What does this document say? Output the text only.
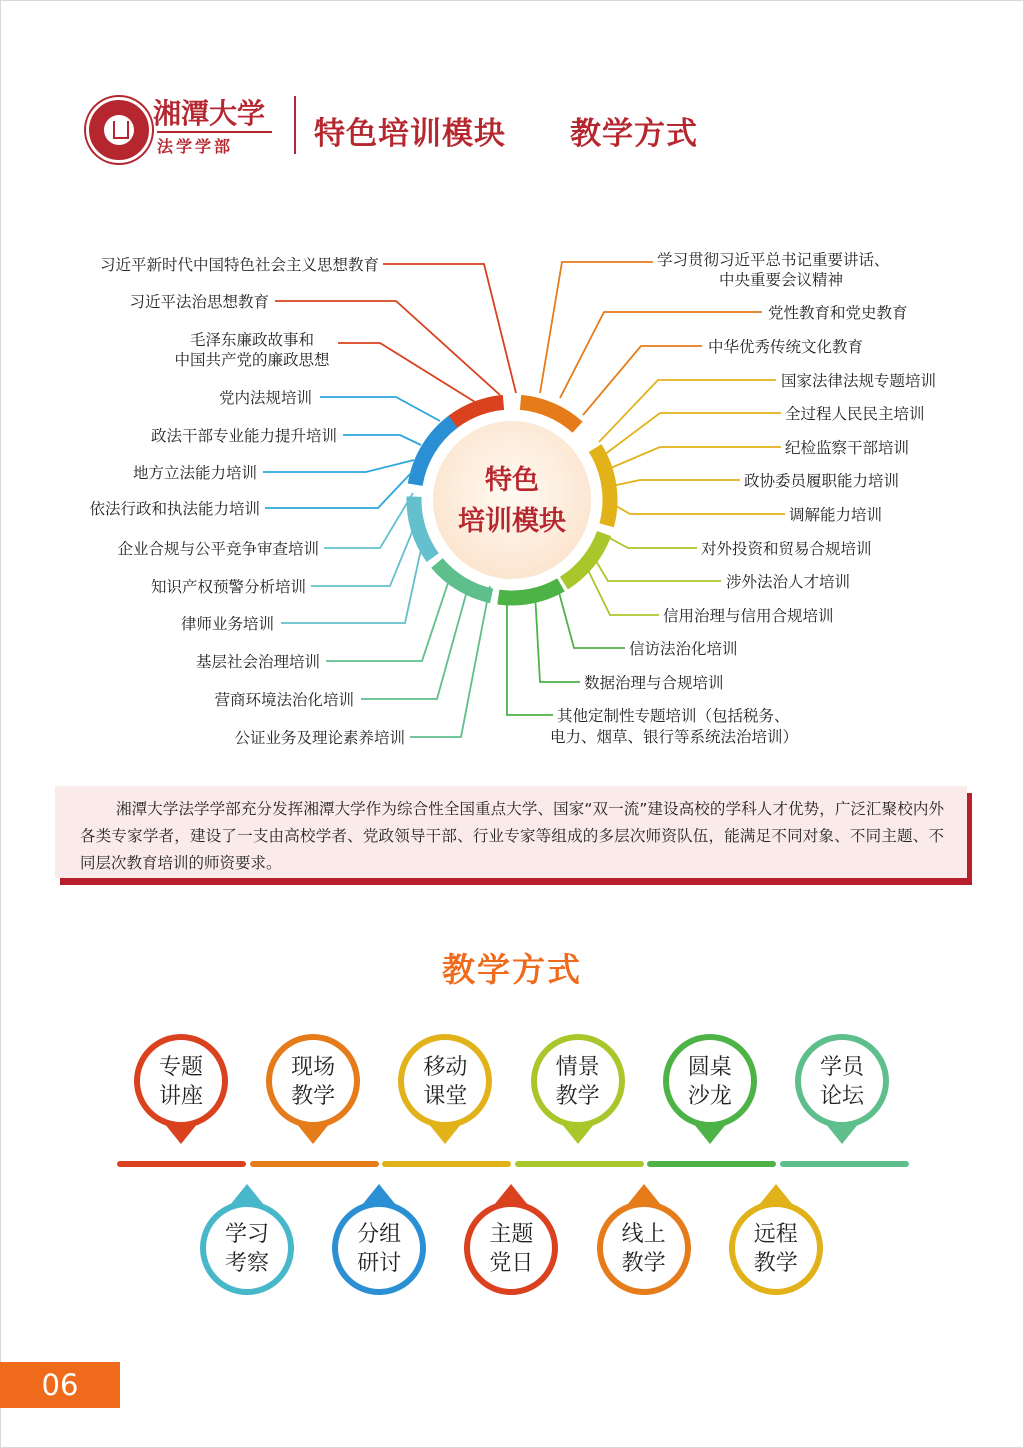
湘潭大学
法学学部	特色培训模块 教学方式
特色
培训模块
习近平新时代中国特色社会主义思想教育
习近平法治思想教育
毛泽东廉政故事和
中国共产党的廉政思想
党内法规培训
政法干部专业能力提升培训
地方立法能力培训
依法行政和执法能力培训
企业合规与公平竞争审查培训
知识产权预警分析培训
律师业务培训
基层社会治理培训
营商环境法治化培训
公证业务及理论素养培训
学习贯彻习近平总书记重要讲话、
中央重要会议精神
党性教育和党史教育
中华优秀传统文化教育
国家法律法规专题培训
全过程人民民主培训
纪检监察干部培训
政协委员履职能力培训
调解能力培训
对外投资和贸易合规培训
涉外法治人才培训
信用治理与信用合规培训
信访法治化培训
数据治理与合规培训
其他定制性专题培训（包括税务、
电力、烟草、银行等系统法治培训）
湘潭大学法学学部充分发挥湘潭大学作为综合性全国重点大学、国家“双一流”建设高校的学科人才优势，广泛汇聚校内外各类专家学者，建设了一支由高校学者、党政领导干部、行业专家等组成的多层次师资队伍，能满足不同对象、不同主题、不同层次教育培训的师资要求。
教学方式
专题
讲座
现场
教学
移动
课堂
情景
教学
圆桌
沙龙
学员
论坛
学习
考察
分组
研讨
主题
党日
线上
教学
远程
教学
06
